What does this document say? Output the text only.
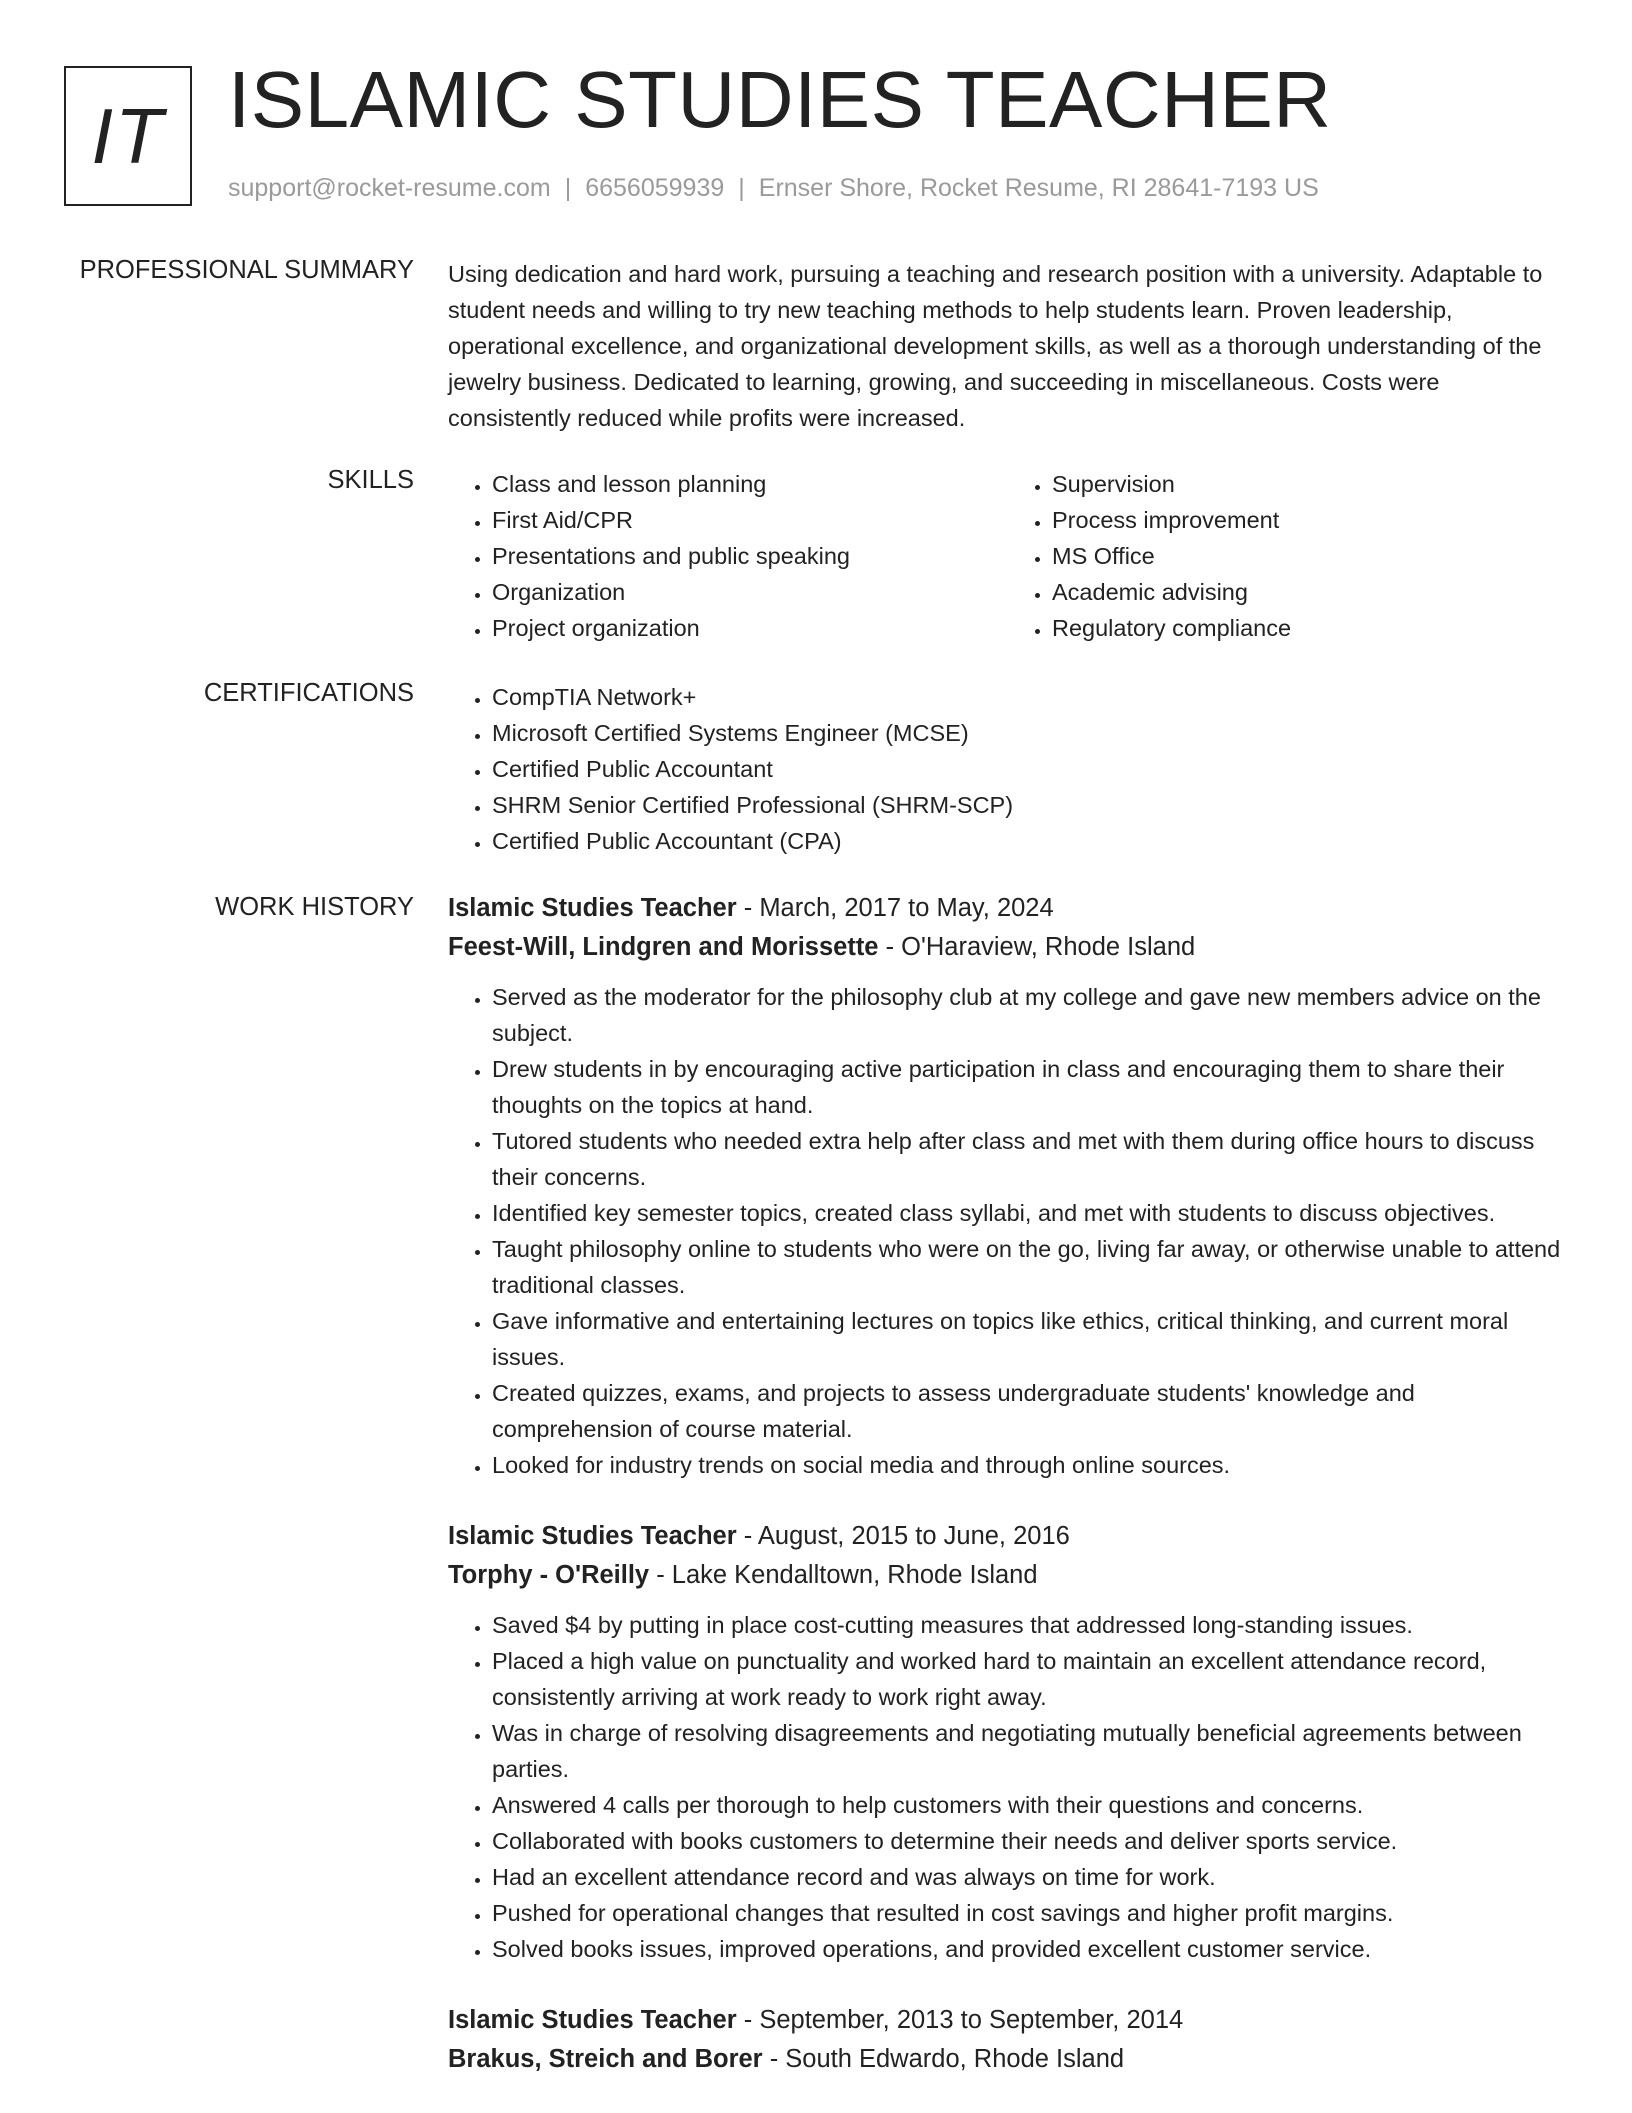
IT ISLAMIC STUDIES TEACHER
support@rocket-resume.com | 6656059939 | Ernser Shore, Rocket Resume, RI 28641-7193 US
PROFESSIONAL SUMMARY Using dedication and hard work, pursuing a teaching and research position with a university. Adaptable to student needs and willing to try new teaching methods to help students learn. Proven leadership, operational excellence, and organizational development skills, as well as a thorough understanding of the jewelry business. Dedicated to learning, growing, and succeeding in miscellaneous. Costs were consistently reduced while profits were increased.

SKILLS	• Class and lesson planning
• First Aid/CPR
• Presentations and public speaking
• Organization
• Project organization
• Supervision
• Process improvement
• MS Office
• Academic advising
• Regulatory compliance
CERTIFICATIONS	• CompTIA Network+
• Microsoft Certified Systems Engineer (MCSE)
• Certified Public Accountant
• SHRM Senior Certified Professional (SHRM-SCP)
• Certified Public Accountant (CPA)
WORK HISTORY Islamic Studies Teacher - March, 2017 to May, 2024
Feest-Will, Lindgren and Morissette - O'Haraview, Rhode Island
• Served as the moderator for the philosophy club at my college and gave new members advice on the subject.
• Drew students in by encouraging active participation in class and encouraging them to share their thoughts on the topics at hand.
• Tutored students who needed extra help after class and met with them during office hours to discuss their concerns.
• Identified key semester topics, created class syllabi, and met with students to discuss objectives.
• Taught philosophy online to students who were on the go, living far away, or otherwise unable to attend traditional classes.
• Gave informative and entertaining lectures on topics like ethics, critical thinking, and current moral issues.
• Created quizzes, exams, and projects to assess undergraduate students' knowledge and comprehension of course material.
• Looked for industry trends on social media and through online sources.
Islamic Studies Teacher - August, 2015 to June, 2016
Torphy - O'Reilly - Lake Kendalltown, Rhode Island
• Saved $4 by putting in place cost-cutting measures that addressed long-standing issues.
• Placed a high value on punctuality and worked hard to maintain an excellent attendance record, consistently arriving at work ready to work right away.
• Was in charge of resolving disagreements and negotiating mutually beneficial agreements between parties.
• Answered 4 calls per thorough to help customers with their questions and concerns.
• Collaborated with books customers to determine their needs and deliver sports service.
• Had an excellent attendance record and was always on time for work.
• Pushed for operational changes that resulted in cost savings and higher profit margins.
• Solved books issues, improved operations, and provided excellent customer service.
Islamic Studies Teacher - September, 2013 to September, 2014
Brakus, Streich and Borer - South Edwardo, Rhode Island
